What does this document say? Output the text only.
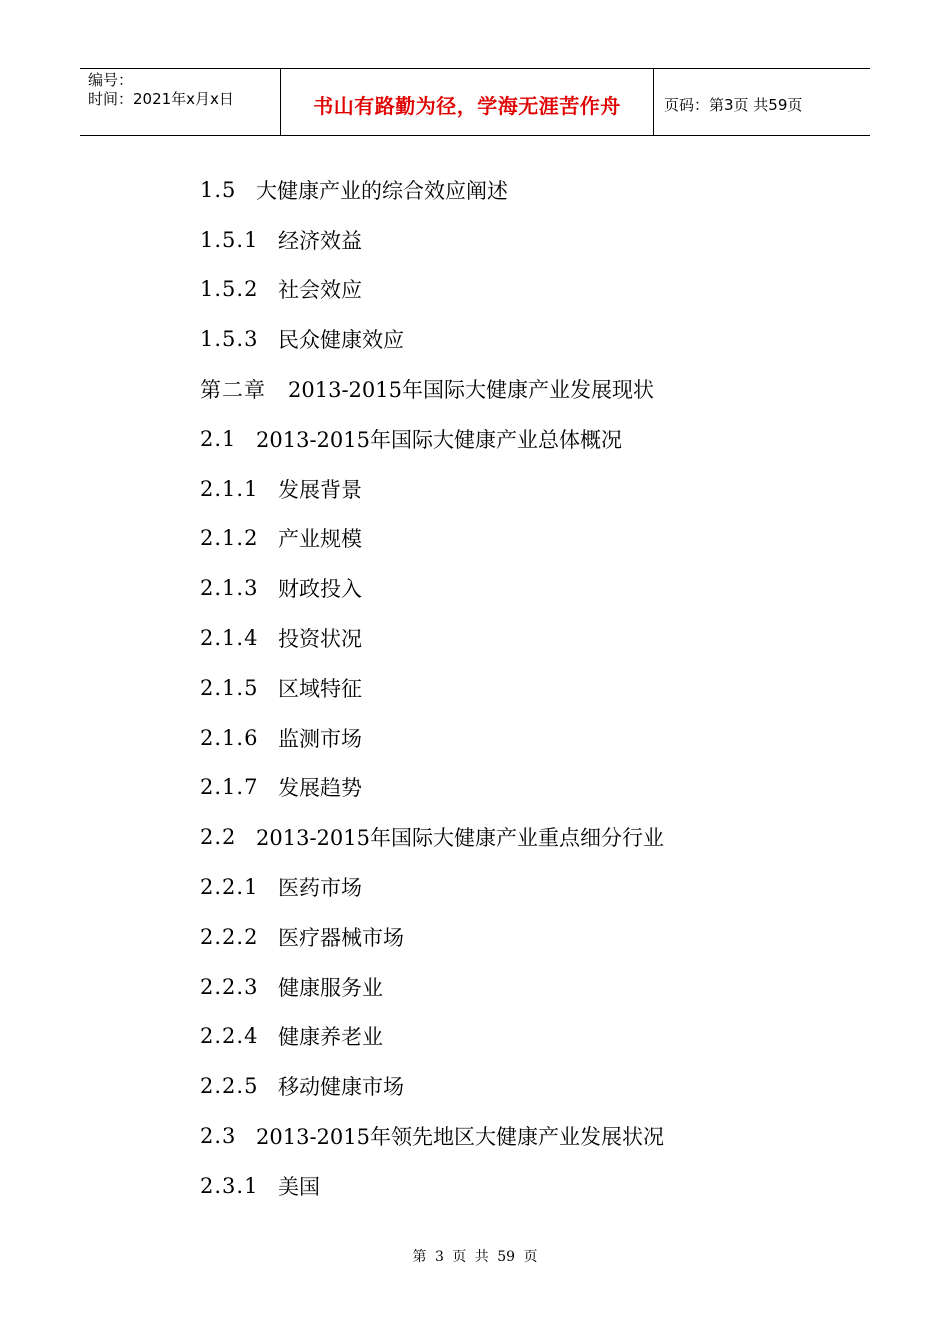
编号：
时间：2021年x月x日	书山有路勤为径，学海无涯苦作舟	页码：第3页 共59页
1.5 大健康产业的综合效应阐述
1.5.1 经济效益
1.5.2 社会效应
1.5.3 民众健康效应
第二章	2013-2015年国际大健康产业发展现状
2.1 2013-2015年国际大健康产业总体概况
2.1.1 发展背景
2.1.2 产业规模
2.1.3 财政投入
2.1.4 投资状况
2.1.5 区域特征
2.1.6 监测市场
2.1.7 发展趋势
2.2 2013-2015年国际大健康产业重点细分行业
2.2.1 医药市场
2.2.2 医疗器械市场
2.2.3 健康服务业
2.2.4 健康养老业
2.2.5 移动健康市场
2.3 2013-2015年领先地区大健康产业发展状况
2.3.1 美国
第 3 页 共 59 页
